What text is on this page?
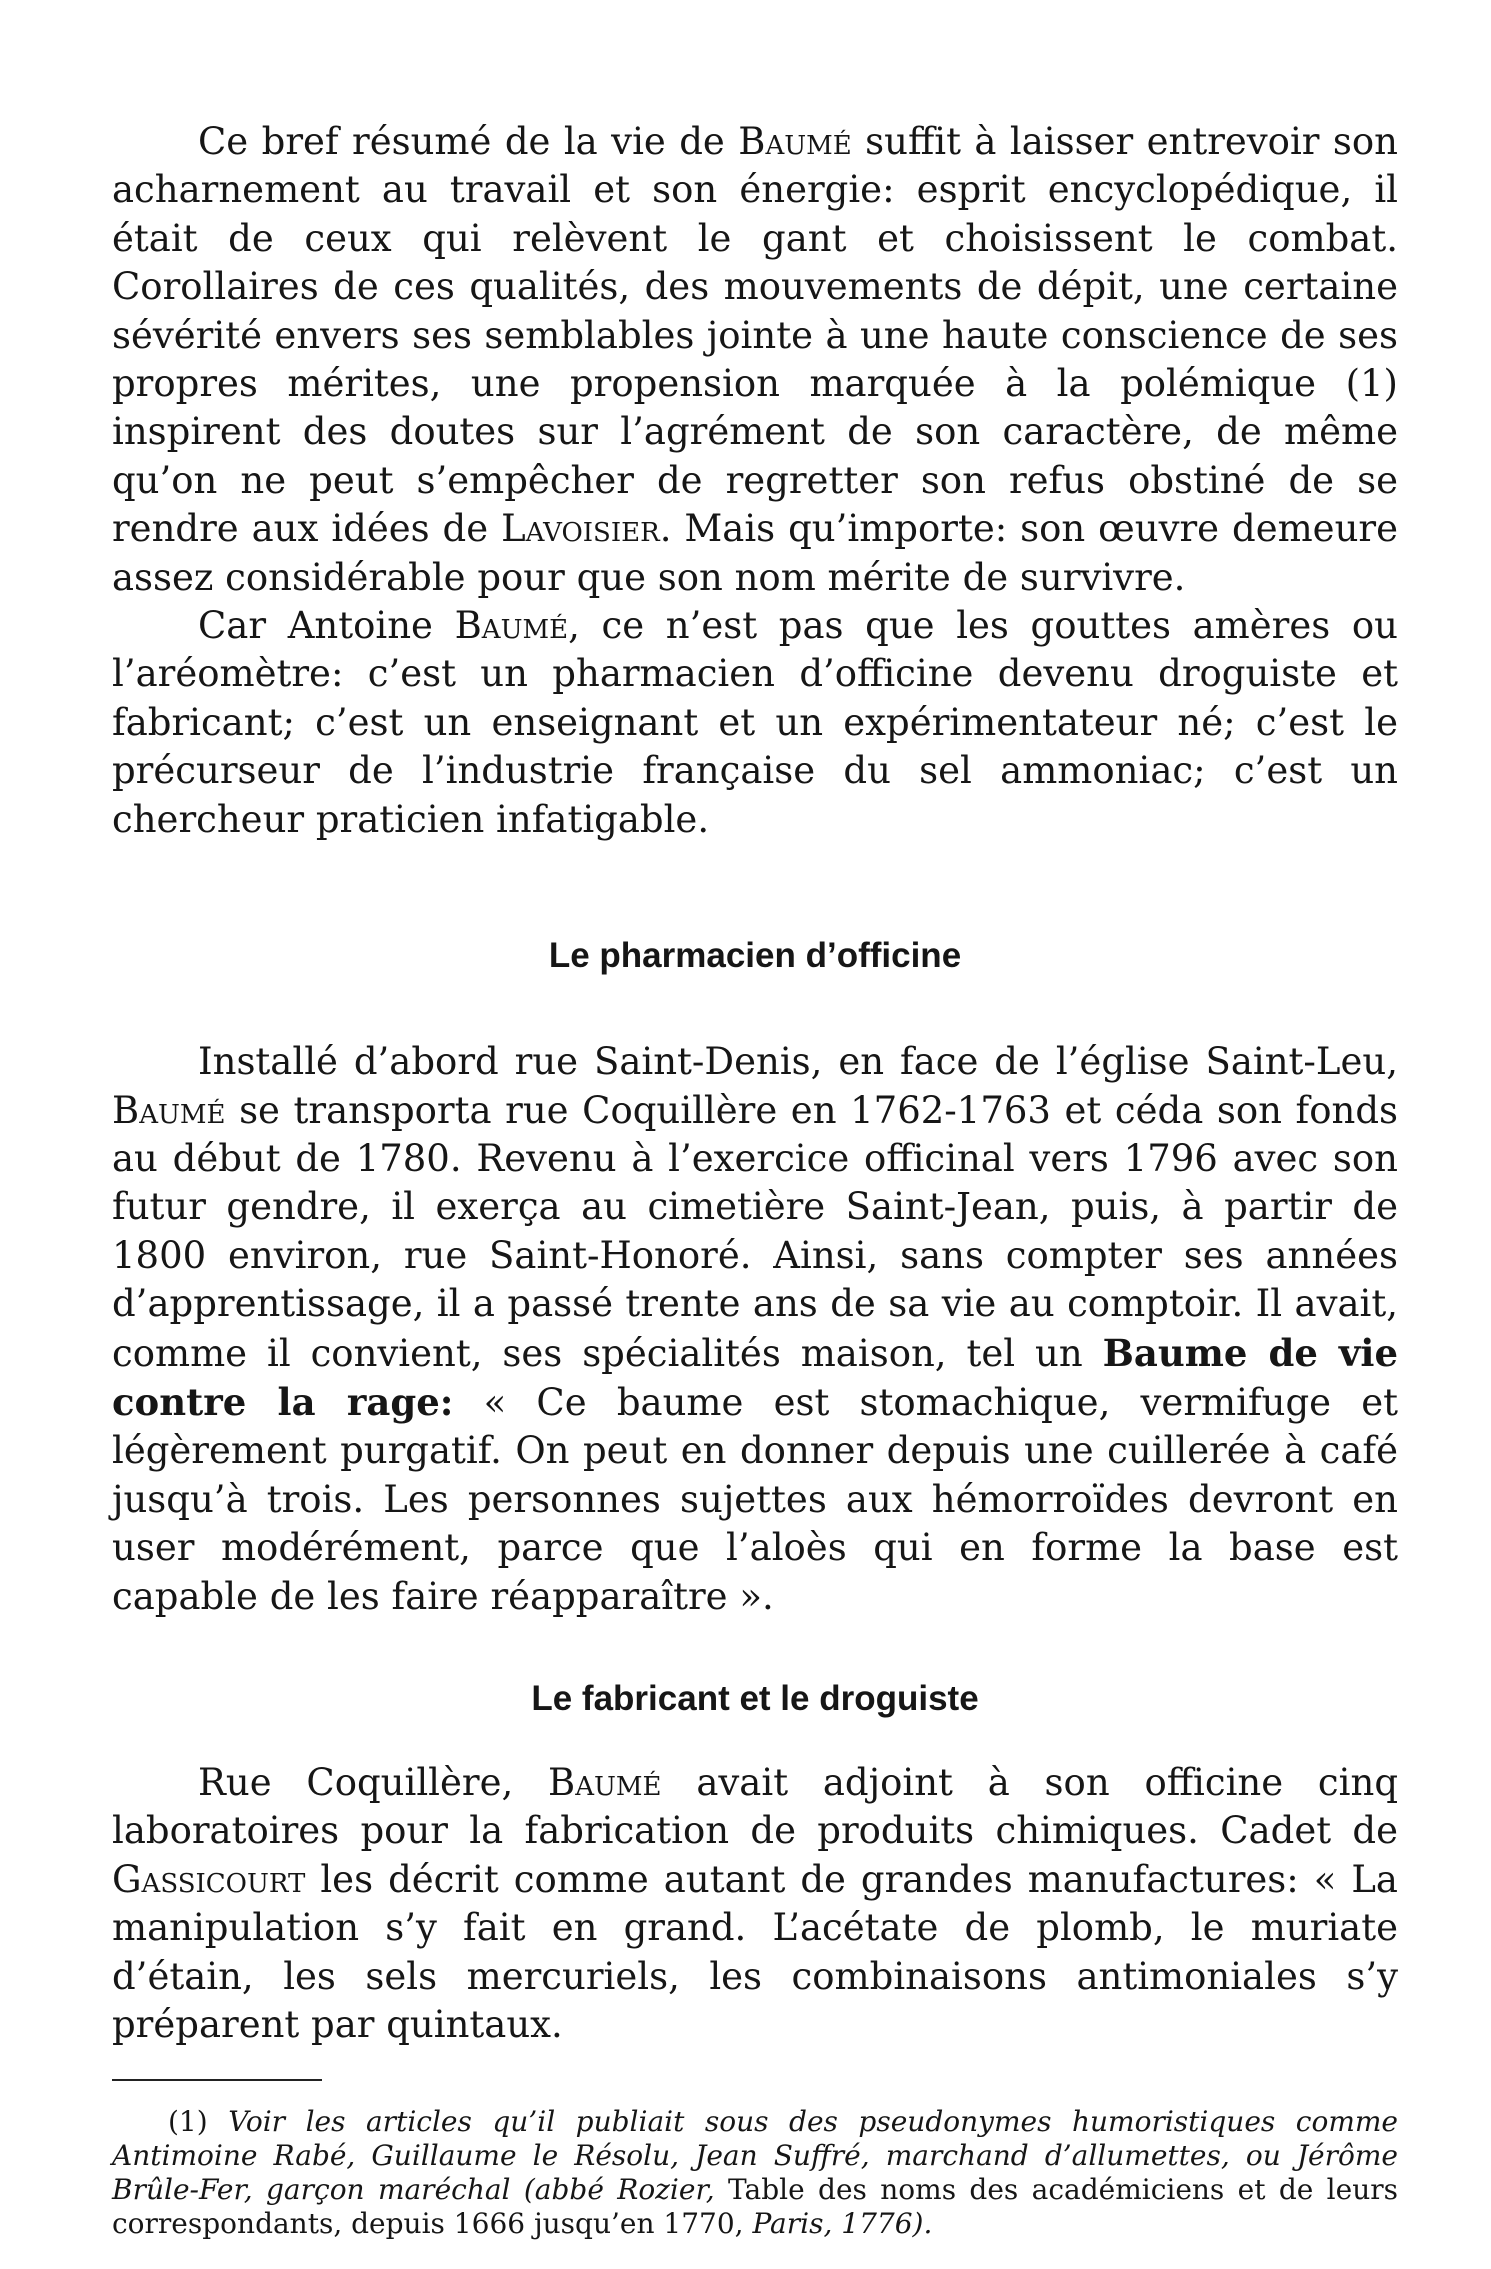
Ce bref résumé de la vie de Baumé suffit à laisser entrevoir son acharnement au travail et son énergie: esprit encyclopédique, il était de ceux qui relèvent le gant et choisissent le combat. Corollaires de ces qualités, des mouvements de dépit, une certaine sévérité envers ses semblables jointe à une haute conscience de ses propres mérites, une propension marquée à la polémique (1) inspirent des doutes sur l’agrément de son caractère, de même qu’on ne peut s’empêcher de regretter son refus obstiné de se rendre aux idées de Lavoisier. Mais qu’importe: son œuvre demeure assez considérable pour que son nom mérite de survivre.

Car Antoine Baumé, ce n’est pas que les gouttes amères ou l’aréomètre: c’est un pharmacien d’officine devenu droguiste et fabricant; c’est un enseignant et un expérimentateur né; c’est le précurseur de l’industrie française du sel ammoniac; c’est un chercheur praticien infatigable.

Le pharmacien d’officine

Installé d’abord rue Saint-Denis, en face de l’église Saint-Leu, Baumé se transporta rue Coquillère en 1762-1763 et céda son fonds au début de 1780. Revenu à l’exercice officinal vers 1796 avec son futur gendre, il exerça au cimetière Saint-Jean, puis, à partir de 1800 environ, rue Saint-Honoré. Ainsi, sans compter ses années d’apprentissage, il a passé trente ans de sa vie au comptoir. Il avait, comme il convient, ses spécialités maison, tel un Baume de vie contre la rage: « Ce baume est stomachique, vermifuge et légèrement purgatif. On peut en donner depuis une cuillerée à café jusqu’à trois. Les personnes sujettes aux hémorroïdes devront en user modérément, parce que l’aloès qui en forme la base est capable de les faire réapparaître ».

Le fabricant et le droguiste

Rue Coquillère, Baumé avait adjoint à son officine cinq laboratoires pour la fabrication de produits chimiques. Cadet de Gassicourt les décrit comme autant de grandes manufactures: « La manipulation s’y fait en grand. L’acétate de plomb, le muriate d’étain, les sels mercuriels, les combinaisons antimoniales s’y préparent par quintaux.

(1) Voir les articles qu’il publiait sous des pseudonymes humoristiques comme Antimoine Rabé, Guillaume le Résolu, Jean Suffré, marchand d’allumettes, ou Jérôme Brûle-Fer, garçon maréchal (abbé Rozier, Table des noms des académiciens et de leurs correspondants, depuis 1666 jusqu’en 1770, Paris, 1776).
